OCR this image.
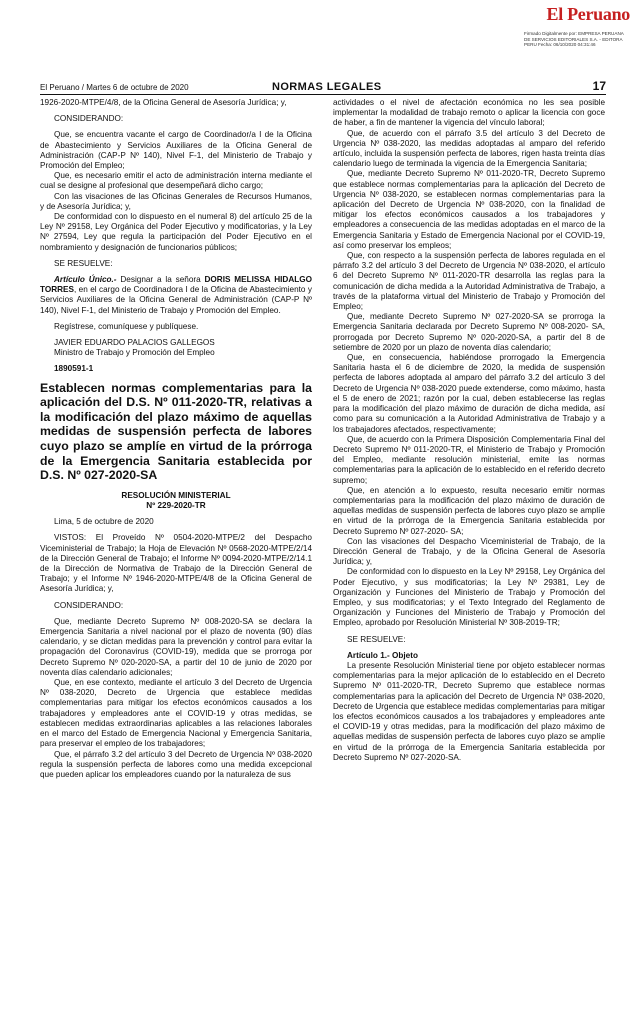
El Peruano
Firmado Digitalmente por: EMPRESA PERUANA DE SERVICIOS EDITORIALES S.A. - EDITORA PERU Fecha: 06/10/2020 04:31:46
El Peruano / Martes 6 de octubre de 2020	NORMAS LEGALES	17

1926-2020-MTPE/4/8, de la Oficina General de Asesoría Jurídica; y,

CONSIDERANDO:

Que, se encuentra vacante el cargo de Coordinador/a I de la Oficina de Abastecimiento y Servicios Auxiliares de la Oficina General de Administración (CAP-P Nº 140), Nivel F-1, del Ministerio de Trabajo y Promoción del Empleo;

Que, es necesario emitir el acto de administración interna mediante el cual se designe al profesional que desempeñará dicho cargo;

Con las visaciones de las Oficinas Generales de Recursos Humanos, y de Asesoría Jurídica; y,

De conformidad con lo dispuesto en el numeral 8) del artículo 25 de la Ley Nº 29158, Ley Orgánica del Poder Ejecutivo y modificatorias, y la Ley Nº 27594, Ley que regula la participación del Poder Ejecutivo en el nombramiento y designación de funcionarios públicos;

SE RESUELVE:

Artículo Único.- Designar a la señora DORIS MELISSA HIDALGO TORRES, en el cargo de Coordinadora I de la Oficina de Abastecimiento y Servicios Auxiliares de la Oficina General de Administración (CAP-P Nº 140), Nivel F-1, del Ministerio de Trabajo y Promoción del Empleo.

Regístrese, comuníquese y publíquese.

JAVIER EDUARDO PALACIOS GALLEGOS

Ministro de Trabajo y Promoción del Empleo

1890591-1

Establecen normas complementarias para la aplicación del D.S. Nº 011-2020-TR, relativas a la modificación del plazo máximo de aquellas medidas de suspensión perfecta de labores cuyo plazo se amplíe en virtud de la prórroga de la Emergencia Sanitaria establecida por D.S. Nº 027-2020-SA

RESOLUCIÓN MINISTERIAL

Nº 229-2020-TR

Lima, 5 de octubre de 2020

VISTOS: El Proveído Nº 0504-2020-MTPE/2 del Despacho Viceministerial de Trabajo; la Hoja de Elevación Nº 0568-2020-MTPE/2/14 de la Dirección General de Trabajo; el Informe Nº 0094-2020-MTPE/2/14.1 de la Dirección de Normativa de Trabajo de la Dirección General de Trabajo; y el Informe Nº 1946-2020-MTPE/4/8 de la Oficina General de Asesoría Jurídica; y,

CONSIDERANDO:

Que, mediante Decreto Supremo Nº 008-2020-SA se declara la Emergencia Sanitaria a nivel nacional por el plazo de noventa (90) días calendario, y se dictan medidas para la prevención y control para evitar la propagación del Coronavirus (COVID-19), medida que se prorroga por Decreto Supremo Nº 020-2020-SA, a partir del 10 de junio de 2020 por noventa días calendario adicionales;

Que, en ese contexto, mediante el artículo 3 del Decreto de Urgencia Nº 038-2020, Decreto de Urgencia que establece medidas complementarias para mitigar los efectos económicos causados a los trabajadores y empleadores ante el COVID-19 y otras medidas, se establecen medidas extraordinarias aplicables a las relaciones laborales en el marco del Estado de Emergencia Nacional y Emergencia Sanitaria, para preservar el empleo de los trabajadores;

Que, el párrafo 3.2 del artículo 3 del Decreto de Urgencia Nº 038-2020 regula la suspensión perfecta de labores como una medida excepcional que pueden aplicar los empleadores cuando por la naturaleza de sus

actividades o el nivel de afectación económica no les sea posible implementar la modalidad de trabajo remoto o aplicar la licencia con goce de haber, a fin de mantener la vigencia del vínculo laboral;

Que, de acuerdo con el párrafo 3.5 del artículo 3 del Decreto de Urgencia Nº 038-2020, las medidas adoptadas al amparo del referido artículo, incluida la suspensión perfecta de labores, rigen hasta treinta días calendario luego de terminada la vigencia de la Emergencia Sanitaria;

Que, mediante Decreto Supremo Nº 011-2020-TR, Decreto Supremo que establece normas complementarias para la aplicación del Decreto de Urgencia Nº 038-2020, se establecen normas complementarias para la aplicación del Decreto de Urgencia Nº 038-2020, con la finalidad de mitigar los efectos económicos causados a los trabajadores y empleadores a consecuencia de las medidas adoptadas en el marco de la Emergencia Sanitaria y Estado de Emergencia Nacional por el COVID-19, así como preservar los empleos;

Que, con respecto a la suspensión perfecta de labores regulada en el párrafo 3.2 del artículo 3 del Decreto de Urgencia Nº 038-2020, el artículo 6 del Decreto Supremo Nº 011-2020-TR desarrolla las reglas para la comunicación de dicha medida a la Autoridad Administrativa de Trabajo, a través de la plataforma virtual del Ministerio de Trabajo y Promoción del Empleo;

Que, mediante Decreto Supremo Nº 027-2020-SA se prorroga la Emergencia Sanitaria declarada por Decreto Supremo Nº 008-2020- SA, prorrogada por Decreto Supremo Nº 020-2020-SA, a partir del 8 de setiembre de 2020 por un plazo de noventa días calendario;

Que, en consecuencia, habiéndose prorrogado la Emergencia Sanitaria hasta el 6 de diciembre de 2020, la medida de suspensión perfecta de labores adoptada al amparo del párrafo 3.2 del artículo 3 del Decreto de Urgencia Nº 038-2020 puede extenderse, como máximo, hasta el 5 de enero de 2021; razón por la cual, deben establecerse las reglas para la modificación del plazo máximo de duración de dicha medida, así como para su comunicación a la Autoridad Administrativa de Trabajo y a los trabajadores afectados, respectivamente;

Que, de acuerdo con la Primera Disposición Complementaria Final del Decreto Supremo Nº 011-2020-TR, el Ministerio de Trabajo y Promoción del Empleo, mediante resolución ministerial, emite las normas complementarias para la aplicación de lo establecido en el referido decreto supremo;

Que, en atención a lo expuesto, resulta necesario emitir normas complementarias para la modificación del plazo máximo de duración de aquellas medidas de suspensión perfecta de labores cuyo plazo se amplíe en virtud de la prórroga de la Emergencia Sanitaria establecida por Decreto Supremo Nº 027-2020- SA;

Con las visaciones del Despacho Viceministerial de Trabajo, de la Dirección General de Trabajo, y de la Oficina General de Asesoría Jurídica; y,

De conformidad con lo dispuesto en la Ley Nº 29158, Ley Orgánica del Poder Ejecutivo, y sus modificatorias; la Ley Nº 29381, Ley de Organización y Funciones del Ministerio de Trabajo y Promoción del Empleo, y sus modificatorias; y el Texto Integrado del Reglamento de Organización y Funciones del Ministerio de Trabajo y Promoción del Empleo, aprobado por Resolución Ministerial Nº 308-2019-TR;

SE RESUELVE:

Artículo 1.- Objeto

La presente Resolución Ministerial tiene por objeto establecer normas complementarias para la mejor aplicación de lo establecido en el Decreto Supremo Nº 011-2020-TR, Decreto Supremo que establece normas complementarias para la aplicación del Decreto de Urgencia Nº 038-2020, Decreto de Urgencia que establece medidas complementarias para mitigar los efectos económicos causados a los trabajadores y empleadores ante el COVID-19 y otras medidas, para la modificación del plazo máximo de aquellas medidas de suspensión perfecta de labores cuyo plazo se amplíe en virtud de la prórroga de la Emergencia Sanitaria establecida por Decreto Supremo Nº 027-2020-SA.
